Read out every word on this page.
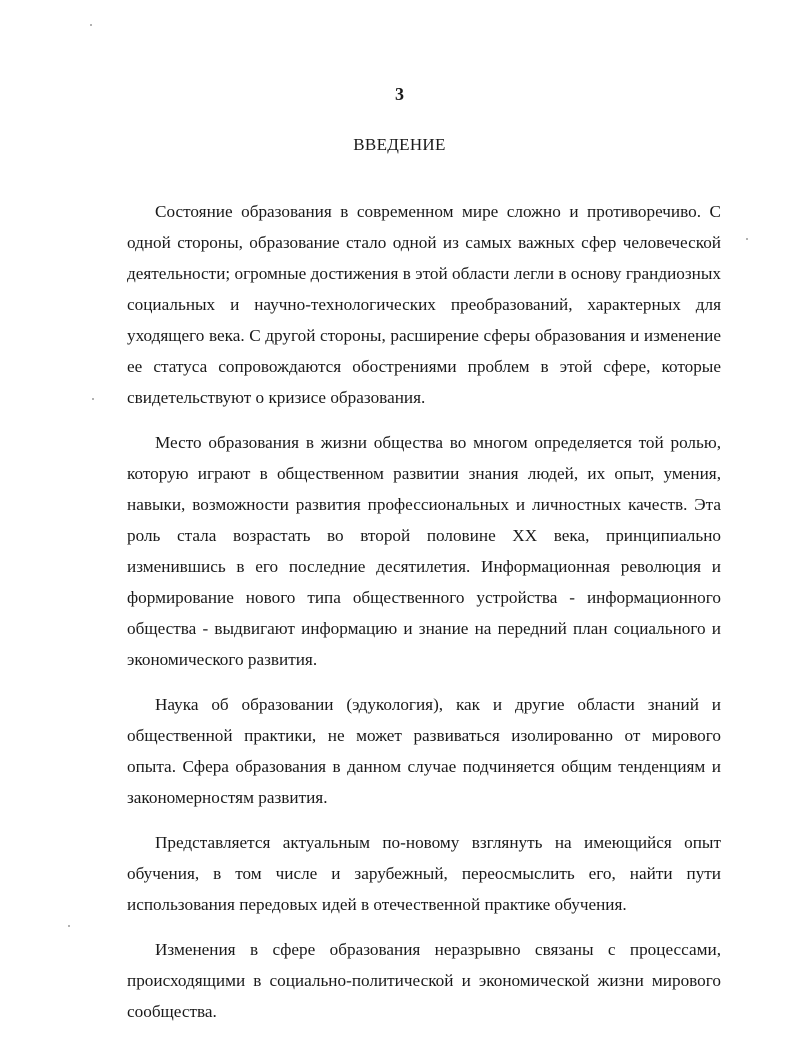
3
ВВЕДЕНИЕ

Состояние образования в современном мире сложно и противоречиво. С одной стороны, образование стало одной из самых важных сфер человеческой деятельности; огромные достижения в этой области легли в основу грандиозных социальных и научно-технологических преобразований, характерных для уходящего века. С другой стороны, расширение сферы образования и изменение ее статуса сопровождаются обострениями проблем в этой сфере, которые свидетельствуют о кризисе образования.

Место образования в жизни общества во многом определяется той ролью, которую играют в общественном развитии знания людей, их опыт, умения, навыки, возможности развития профессиональных и личностных качеств. Эта роль стала возрастать во второй половине XX века, принципиально изменившись в его последние десятилетия. Информационная революция и формирование нового типа общественного устройства - информационного общества - выдвигают информацию и знание на передний план социального и экономического развития.

Наука об образовании (эдукология), как и другие области знаний и общественной практики, не может развиваться изолированно от мирового опыта. Сфера образования в данном случае подчиняется общим тенденциям и закономерностям развития.

Представляется актуальным по-новому взглянуть на имеющийся опыт обучения, в том числе и зарубежный, переосмыслить его, найти пути использования передовых идей в отечественной практике обучения.

Изменения в сфере образования неразрывно связаны с процессами, происходящими в социально-политической и экономической жизни мирового сообщества.
